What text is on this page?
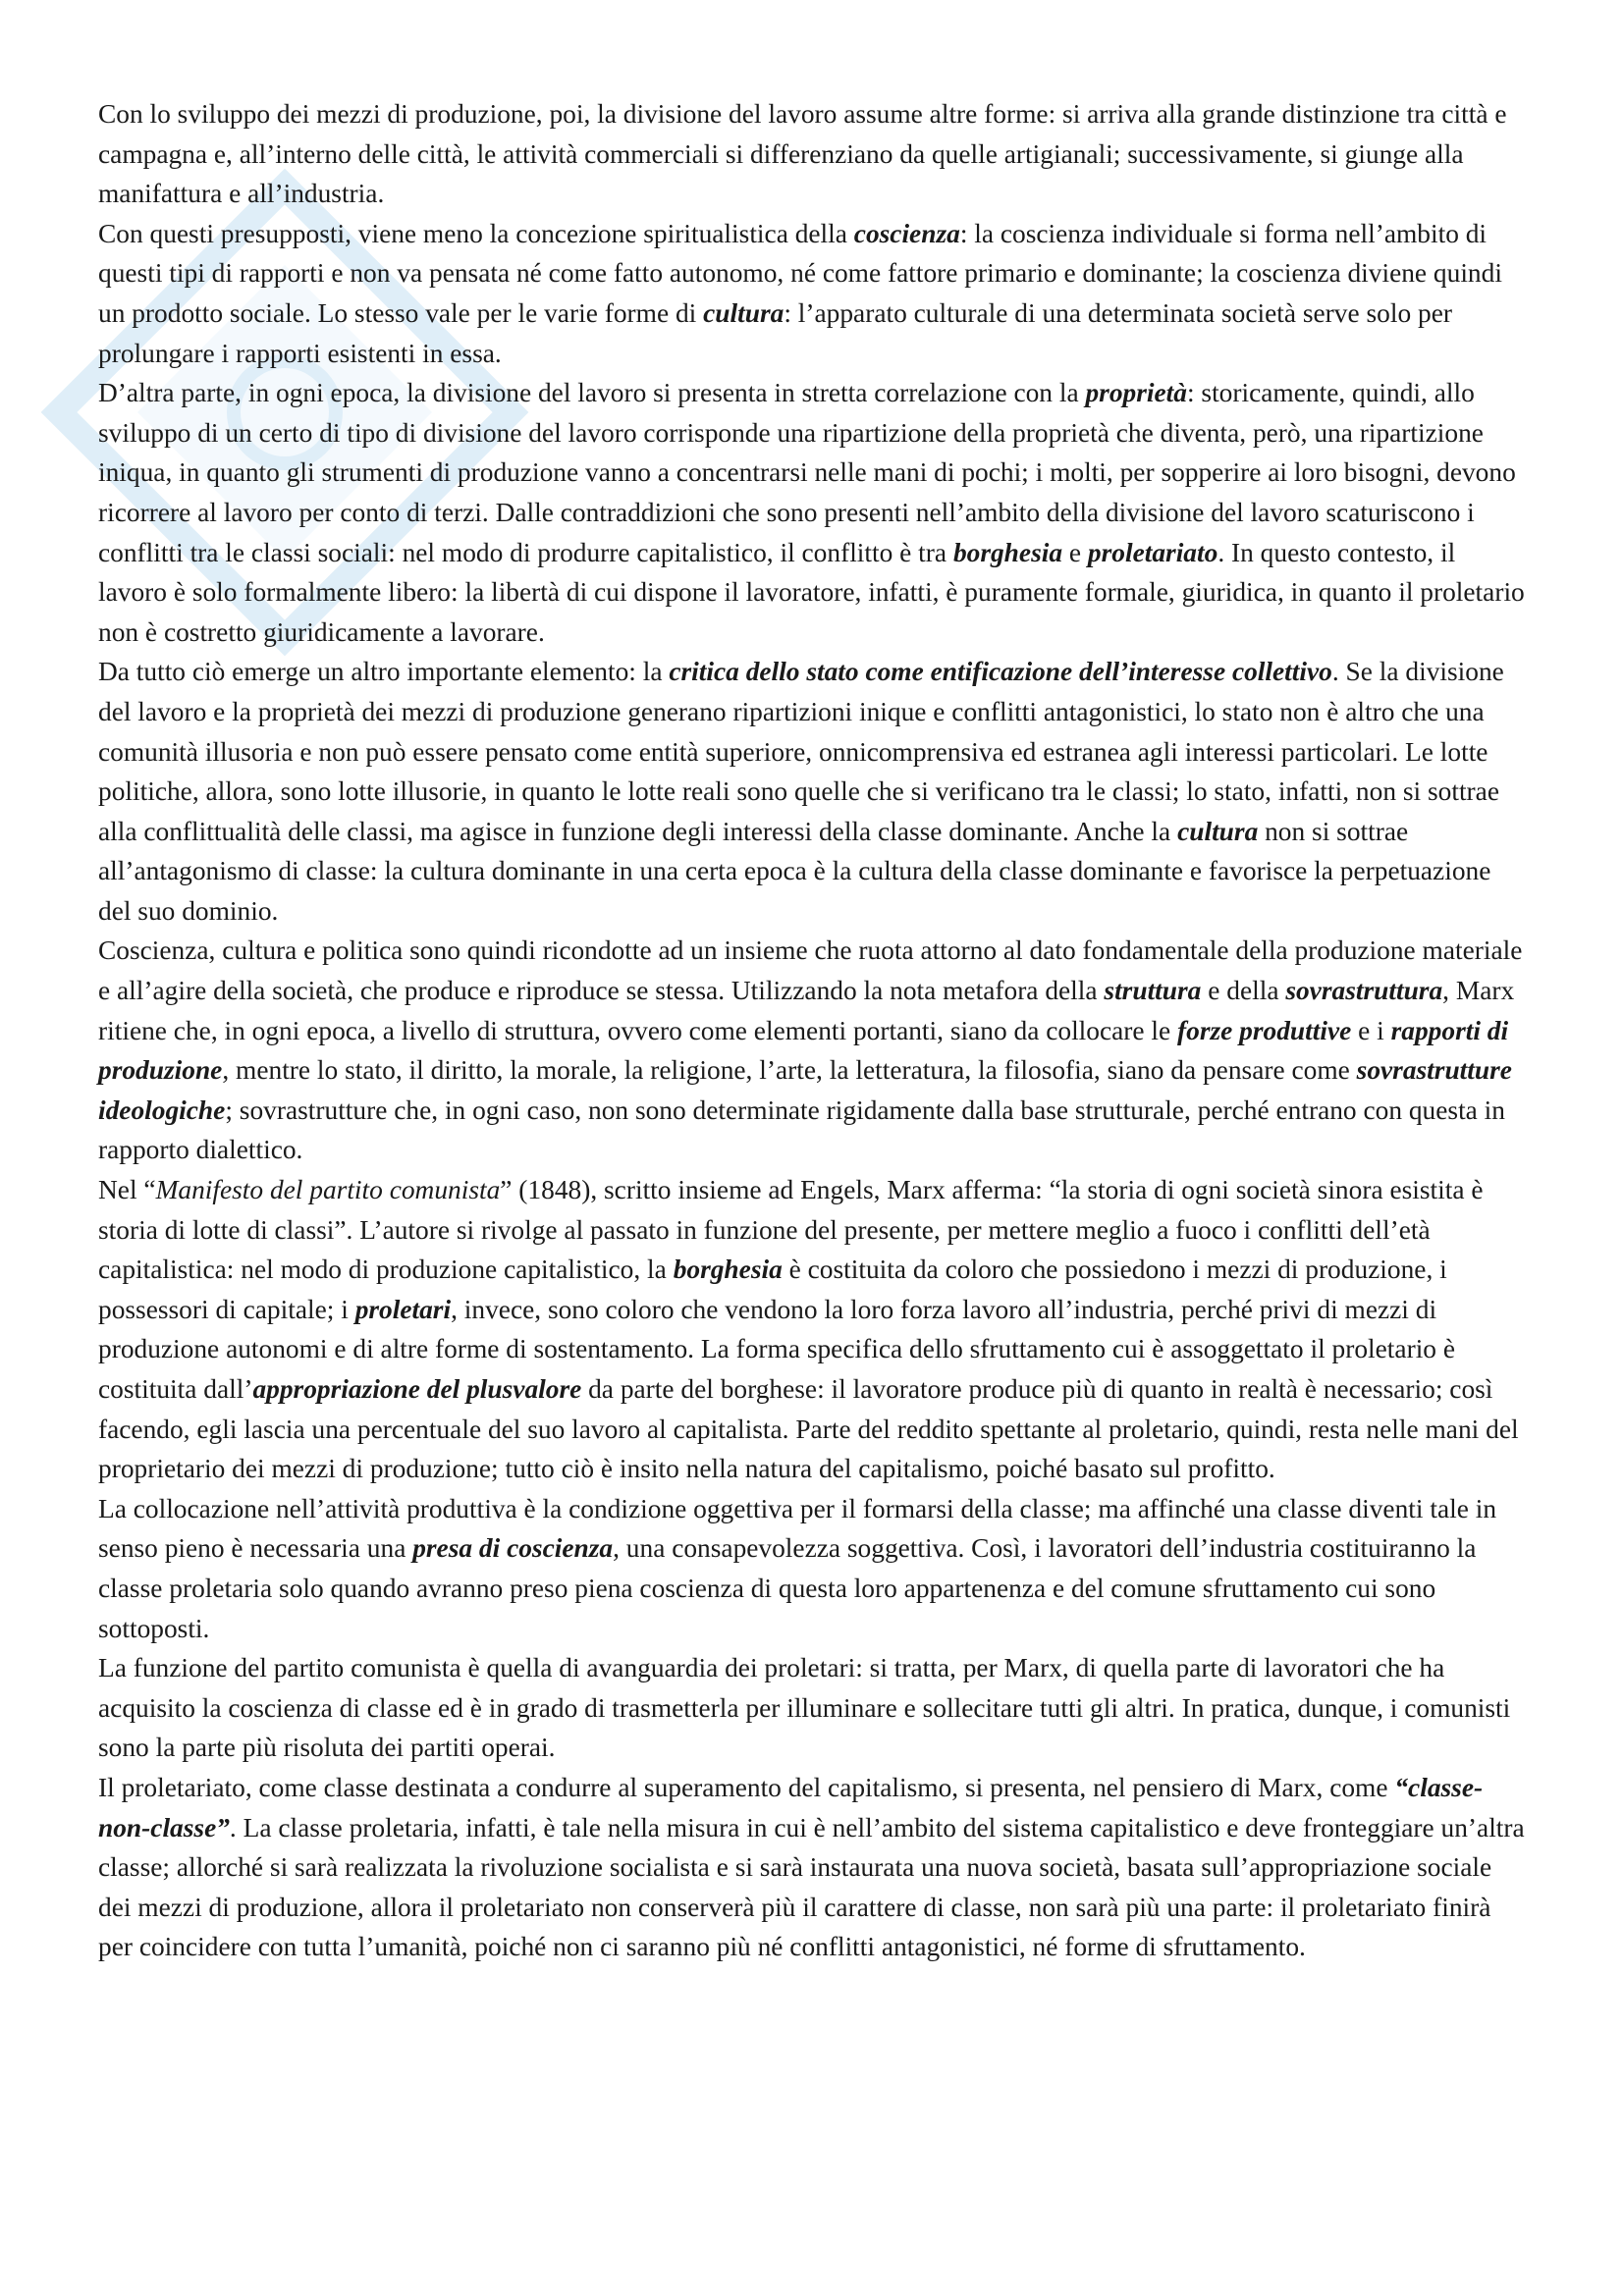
Con lo sviluppo dei mezzi di produzione, poi, la divisione del lavoro assume altre forme: si arriva alla grande distinzione tra città e campagna e, all’interno delle città, le attività commerciali si differenziano da quelle artigianali; successivamente, si giunge alla manifattura e all’industria.

Con questi presupposti, viene meno la concezione spiritualistica della coscienza: la coscienza individuale si forma nell’ambito di questi tipi di rapporti e non va pensata né come fatto autonomo, né come fattore primario e dominante; la coscienza diviene quindi un prodotto sociale. Lo stesso vale per le varie forme di cultura: l’apparato culturale di una determinata società serve solo per prolungare i rapporti esistenti in essa.

D’altra parte, in ogni epoca, la divisione del lavoro si presenta in stretta correlazione con la proprietà: storicamente, quindi, allo sviluppo di un certo di tipo di divisione del lavoro corrisponde una ripartizione della proprietà che diventa, però, una ripartizione iniqua, in quanto gli strumenti di produzione vanno a concentrarsi nelle mani di pochi; i molti, per sopperire ai loro bisogni, devono ricorrere al lavoro per conto di terzi. Dalle contraddizioni che sono presenti nell’ambito della divisione del lavoro scaturiscono i conflitti tra le classi sociali: nel modo di produrre capitalistico, il conflitto è tra borghesia e proletariato. In questo contesto, il lavoro è solo formalmente libero: la libertà di cui dispone il lavoratore, infatti, è puramente formale, giuridica, in quanto il proletario non è costretto giuridicamente a lavorare.

Da tutto ciò emerge un altro importante elemento: la critica dello stato come entificazione dell’interesse collettivo. Se la divisione del lavoro e la proprietà dei mezzi di produzione generano ripartizioni inique e conflitti antagonistici, lo stato non è altro che una comunità illusoria e non può essere pensato come entità superiore, onnicomprensiva ed estranea agli interessi particolari. Le lotte politiche, allora, sono lotte illusorie, in quanto le lotte reali sono quelle che si verificano tra le classi; lo stato, infatti, non si sottrae alla conflittualità delle classi, ma agisce in funzione degli interessi della classe dominante. Anche la cultura non si sottrae all’antagonismo di classe: la cultura dominante in una certa epoca è la cultura della classe dominante e favorisce la perpetuazione del suo dominio.

Coscienza, cultura e politica sono quindi ricondotte ad un insieme che ruota attorno al dato fondamentale della produzione materiale e all’agire della società, che produce e riproduce se stessa. Utilizzando la nota metafora della struttura e della sovrastruttura, Marx ritiene che, in ogni epoca, a livello di struttura, ovvero come elementi portanti, siano da collocare le forze produttive e i rapporti di produzione, mentre lo stato, il diritto, la morale, la religione, l’arte, la letteratura, la filosofia, siano da pensare come sovrastrutture ideologiche; sovrastrutture che, in ogni caso, non sono determinate rigidamente dalla base strutturale, perché entrano con questa in rapporto dialettico.

Nel “Manifesto del partito comunista” (1848), scritto insieme ad Engels, Marx afferma: “la storia di ogni società sinora esistita è storia di lotte di classi”. L’autore si rivolge al passato in funzione del presente, per mettere meglio a fuoco i conflitti dell’età capitalistica: nel modo di produzione capitalistico, la borghesia è costituita da coloro che possiedono i mezzi di produzione, i possessori di capitale; i proletari, invece, sono coloro che vendono la loro forza lavoro all’industria, perché privi di mezzi di produzione autonomi e di altre forme di sostentamento. La forma specifica dello sfruttamento cui è assoggettato il proletario è costituita dall’appropriazione del plusvalore da parte del borghese: il lavoratore produce più di quanto in realtà è necessario; così facendo, egli lascia una percentuale del suo lavoro al capitalista. Parte del reddito spettante al proletario, quindi, resta nelle mani del proprietario dei mezzi di produzione; tutto ciò è insito nella natura del capitalismo, poiché basato sul profitto.

La collocazione nell’attività produttiva è la condizione oggettiva per il formarsi della classe; ma affinché una classe diventi tale in senso pieno è necessaria una presa di coscienza, una consapevolezza soggettiva. Così, i lavoratori dell’industria costituiranno la classe proletaria solo quando avranno preso piena coscienza di questa loro appartenenza e del comune sfruttamento cui sono sottoposti.

La funzione del partito comunista è quella di avanguardia dei proletari: si tratta, per Marx, di quella parte di lavoratori che ha acquisito la coscienza di classe ed è in grado di trasmetterla per illuminare e sollecitare tutti gli altri. In pratica, dunque, i comunisti sono la parte più risoluta dei partiti operai.

Il proletariato, come classe destinata a condurre al superamento del capitalismo, si presenta, nel pensiero di Marx, come “classe-non-classe”. La classe proletaria, infatti, è tale nella misura in cui è nell’ambito del sistema capitalistico e deve fronteggiare un’altra classe; allorché si sarà realizzata la rivoluzione socialista e si sarà instaurata una nuova società, basata sull’appropriazione sociale dei mezzi di produzione, allora il proletariato non conserverà più il carattere di classe, non sarà più una parte: il proletariato finirà per coincidere con tutta l’umanità, poiché non ci saranno più né conflitti antagonistici, né forme di sfruttamento.
